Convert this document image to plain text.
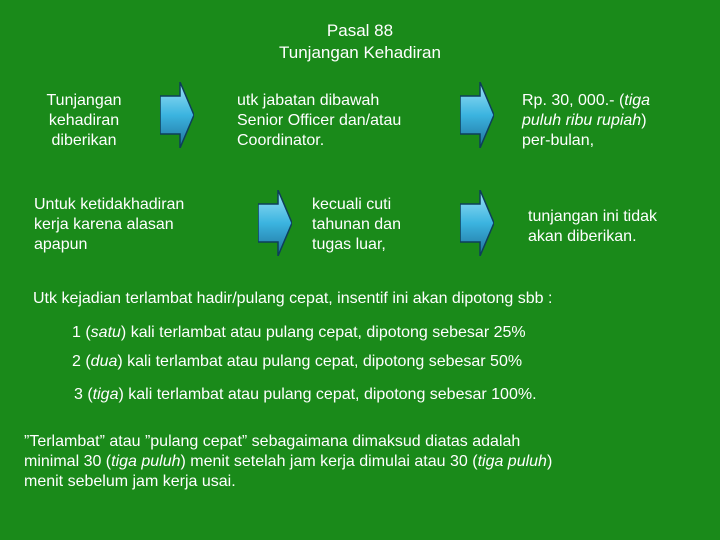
Pasal 88
Tunjangan Kehadiran
Tunjangan
kehadiran
diberikan
utk jabatan dibawah
Senior Officer dan/atau
Coordinator.
Rp. 30, 000.- (tiga
puluh ribu rupiah)
per-bulan,
Untuk ketidakhadiran
kerja karena alasan
apapun
kecuali cuti
tahunan dan
tugas luar,
tunjangan ini tidak
akan diberikan.
Utk kejadian terlambat hadir/pulang cepat, insentif ini akan dipotong sbb :
1 (satu) kali terlambat atau pulang cepat, dipotong sebesar 25%
2 (dua) kali terlambat atau pulang cepat, dipotong sebesar 50%
3 (tiga) kali terlambat atau pulang cepat, dipotong sebesar 100%.
”Terlambat” atau ”pulang cepat” sebagaimana dimaksud diatas adalah
minimal 30 (tiga puluh) menit setelah jam kerja dimulai atau 30 (tiga puluh)
menit sebelum jam kerja usai.
